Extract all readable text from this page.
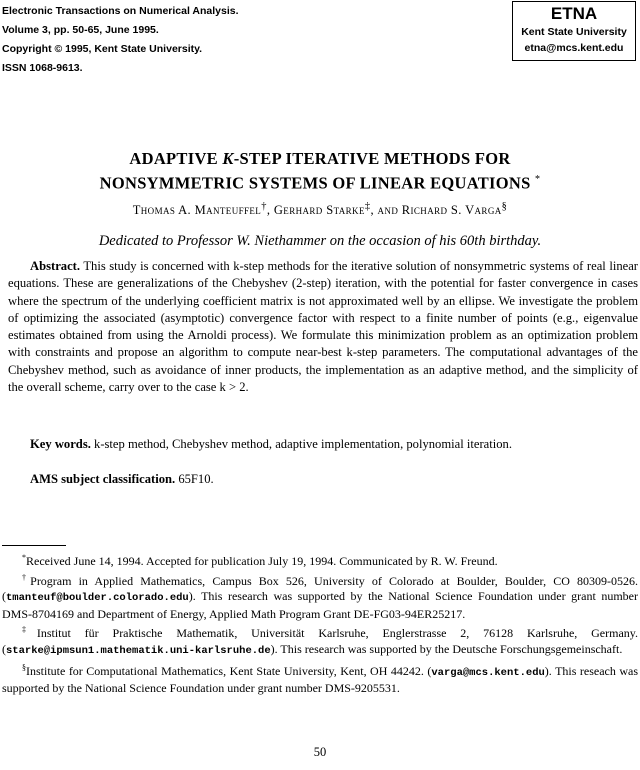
Electronic Transactions on Numerical Analysis.
Volume 3, pp. 50-65, June 1995.
Copyright © 1995, Kent State University.
ISSN 1068-9613.
ETNA
Kent State University
etna@mcs.kent.edu
ADAPTIVE K-STEP ITERATIVE METHODS FOR
NONSYMMETRIC SYSTEMS OF LINEAR EQUATIONS *
Thomas A. Manteuffel†, Gerhard Starke‡, and Richard S. Varga§
Dedicated to Professor W. Niethammer on the occasion of his 60th birthday.
Abstract. This study is concerned with k-step methods for the iterative solution of nonsymmetric systems of real linear equations. These are generalizations of the Chebyshev (2-step) iteration, with the potential for faster convergence in cases where the spectrum of the underlying coefficient matrix is not approximated well by an ellipse. We investigate the problem of optimizing the associated (asymptotic) convergence factor with respect to a finite number of points (e.g., eigenvalue estimates obtained from using the Arnoldi process). We formulate this minimization problem as an optimization problem with constraints and propose an algorithm to compute near-best k-step parameters. The computational advantages of the Chebyshev method, such as avoidance of inner products, the implementation as an adaptive method, and the simplicity of the overall scheme, carry over to the case k > 2.
Key words. k-step method, Chebyshev method, adaptive implementation, polynomial iteration.
AMS subject classification. 65F10.

*Received June 14, 1994. Accepted for publication July 19, 1994. Communicated by R. W. Freund.

†Program in Applied Mathematics, Campus Box 526, University of Colorado at Boulder, Boulder, CO 80309-0526. (tmanteuf@boulder.colorado.edu). This research was supported by the National Science Foundation under grant number DMS-8704169 and Department of Energy, Applied Math Program Grant DE-FG03-94ER25217.

‡Institut für Praktische Mathematik, Universität Karlsruhe, Englerstrasse 2, 76128 Karlsruhe, Germany. (starke@ipmsun1.mathematik.uni-karlsruhe.de). This research was supported by the Deutsche Forschungsgemeinschaft.

§Institute for Computational Mathematics, Kent State University, Kent, OH 44242. (varga@mcs.kent.edu). This reseach was supported by the National Science Foundation under grant number DMS-9205531.

50
